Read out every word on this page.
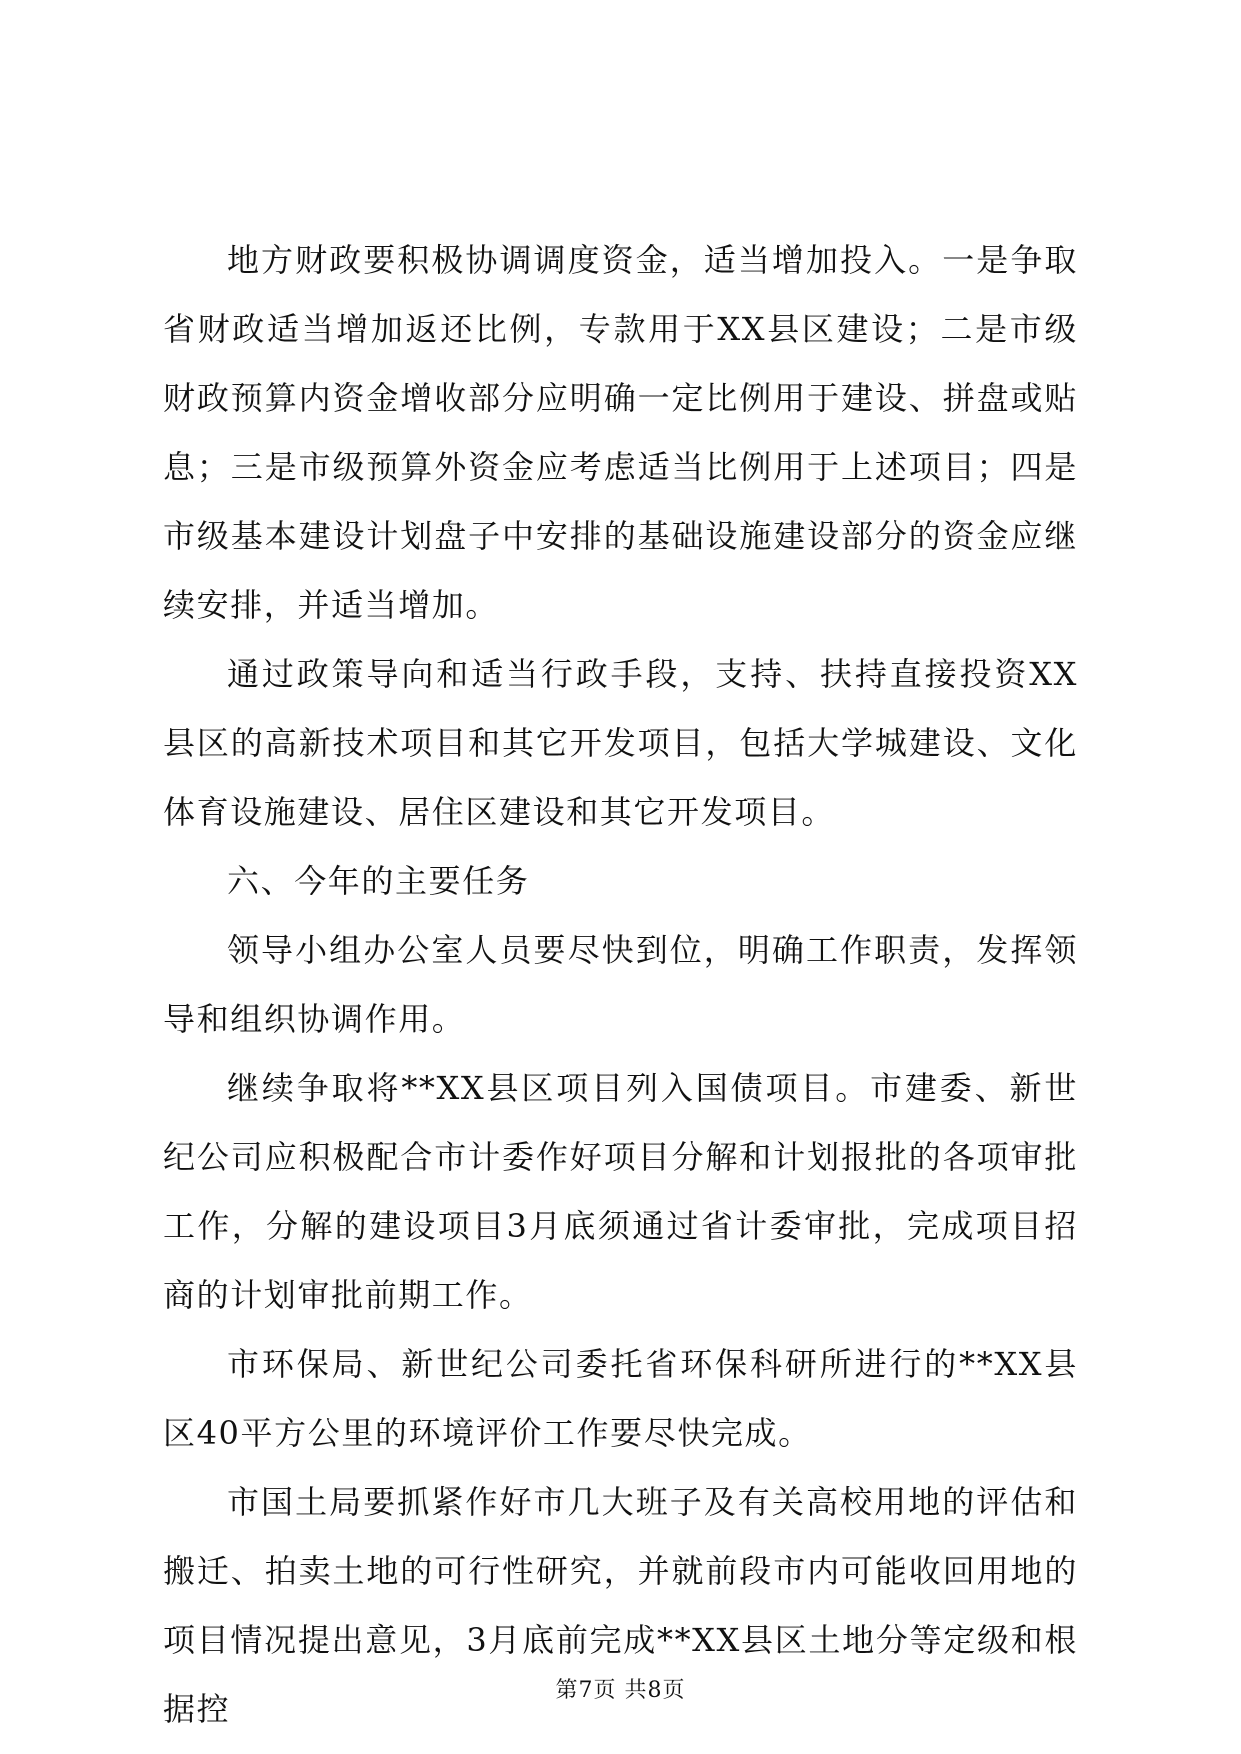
地方财政要积极协调调度资金，适当增加投入。一是争取省财政适当增加返还比例，专款用于XX县区建设；二是市级财政预算内资金增收部分应明确一定比例用于建设、拼盘或贴息；三是市级预算外资金应考虑适当比例用于上述项目；四是市级基本建设计划盘子中安排的基础设施建设部分的资金应继续安排，并适当增加。

通过政策导向和适当行政手段，支持、扶持直接投资XX县区的高新技术项目和其它开发项目，包括大学城建设、文化体育设施建设、居住区建设和其它开发项目。

六、今年的主要任务

领导小组办公室人员要尽快到位，明确工作职责，发挥领导和组织协调作用。

继续争取将**XX县区项目列入国债项目。市建委、新世纪公司应积极配合市计委作好项目分解和计划报批的各项审批工作，分解的建设项目3月底须通过省计委审批，完成项目招商的计划审批前期工作。

市环保局、新世纪公司委托省环保科研所进行的**XX县区40平方公里的环境评价工作要尽快完成。

市国土局要抓紧作好市几大班子及有关高校用地的评估和搬迁、拍卖土地的可行性研究，并就前段市内可能收回用地的项目情况提出意见，3月底前完成**XX县区土地分等定级和根据控	第7页 共8页
